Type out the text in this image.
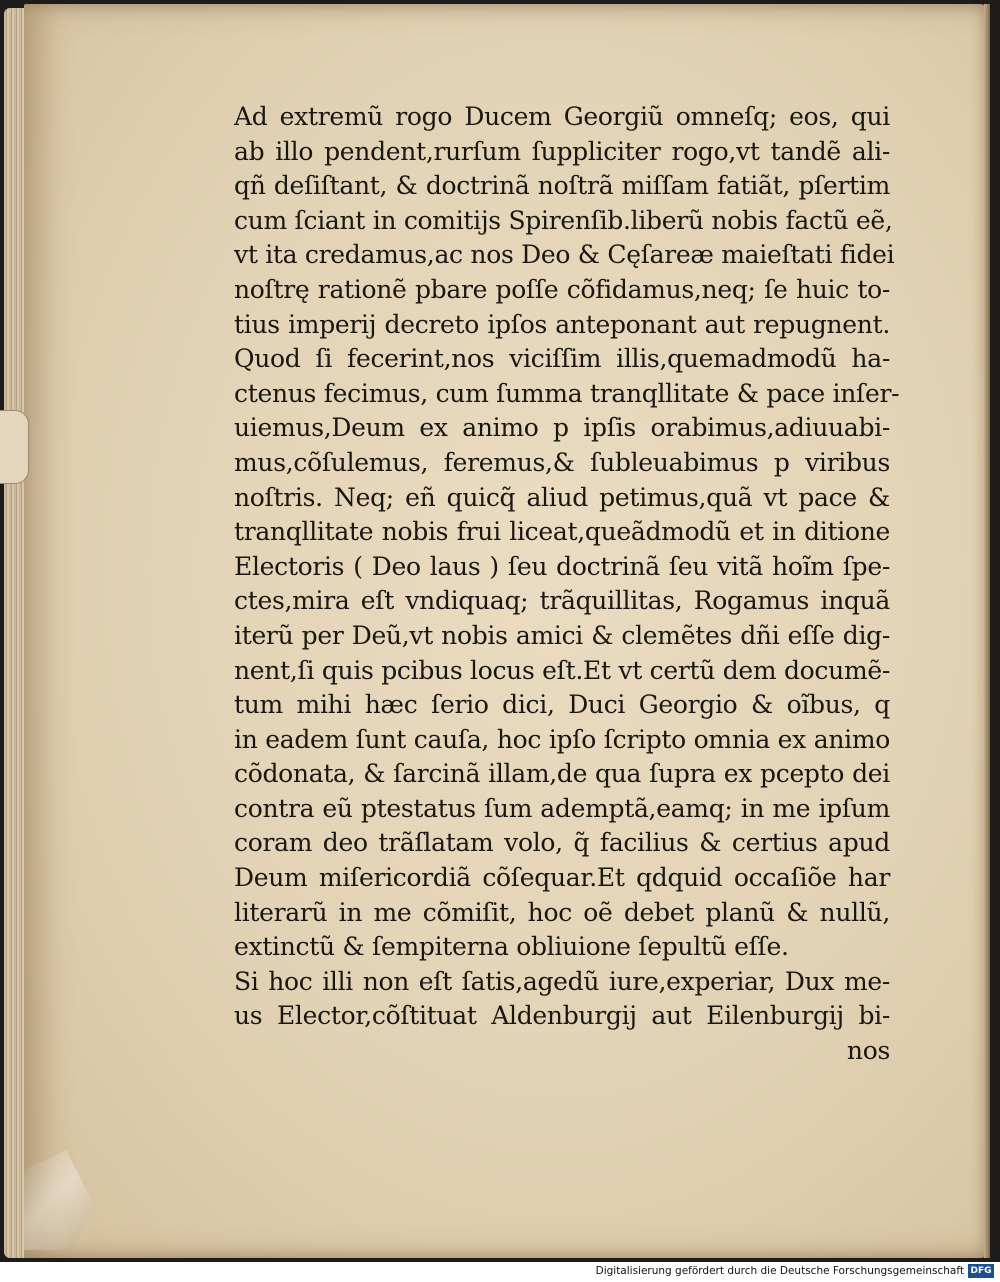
Ad extremũ rogo Ducem Georgiũ omneſq; eos, qui
ab illo pendent,rurſum ſuppliciter rogo,vt tandẽ ali-
qñ deſiſtant, & doctrinã noſtrã miſſam fatiãt, pſertim
cum ſciant in comitijs Spirenſib.liberũ nobis factũ eẽ,
vt ita credamus,ac nos Deo & Cęſareæ maieſtati fidei
noſtrę rationẽ pbare poſſe cõfidamus,neq; ſe huic to-
tius imperij decreto ipſos anteponant aut repugnent.
Quod ſi fecerint,nos viciſſim illis,quemadmodũ ha-
ctenus fecimus, cum ſumma tranqllitate & pace inſer-
uiemus,Deum ex animo p ipſis orabimus,adiuuabi-
mus,cõſulemus, feremus,& ſubleuabimus p viribus
noſtris. Neq; eñ quicq̃ aliud petimus,quã vt pace &
tranqllitate nobis frui liceat,queãdmodũ et in ditione
Electoris ( Deo laus ) ſeu doctrinã ſeu vitã hoĩm ſpe-
ctes,mira eſt vndiquaq; trãquillitas, Rogamus inquã
iterũ per Deũ,vt nobis amici & clemẽtes dñi eſſe dig-
nent,ſi quis pcibus locus eſt.Et vt certũ dem documẽ-
tum mihi hæc ſerio dici, Duci Georgio & oĩbus, q
in eadem ſunt cauſa, hoc ipſo ſcripto omnia ex animo
cõdonata, & ſarcinã illam,de qua ſupra ex pcepto dei
contra eũ ptestatus ſum ademptã,eamq; in me ipſum
coram deo trãſlatam volo, q̃ facilius & certius apud
Deum miſericordiã cõſequar.Et qdquid occaſiõe har
literarũ in me cõmiſit, hoc oẽ debet planũ & nullũ,
extinctũ & ſempiterna obliuione ſepultũ eſſe.
Si hoc illi non eſt ſatis,agedũ iure,experiar, Dux me-
us Elector,cõſtituat Aldenburgij aut Eilenburgij bi-
nos
Digitalisierung gefördert durch die Deutsche Forschungsgemeinschaft DFG
